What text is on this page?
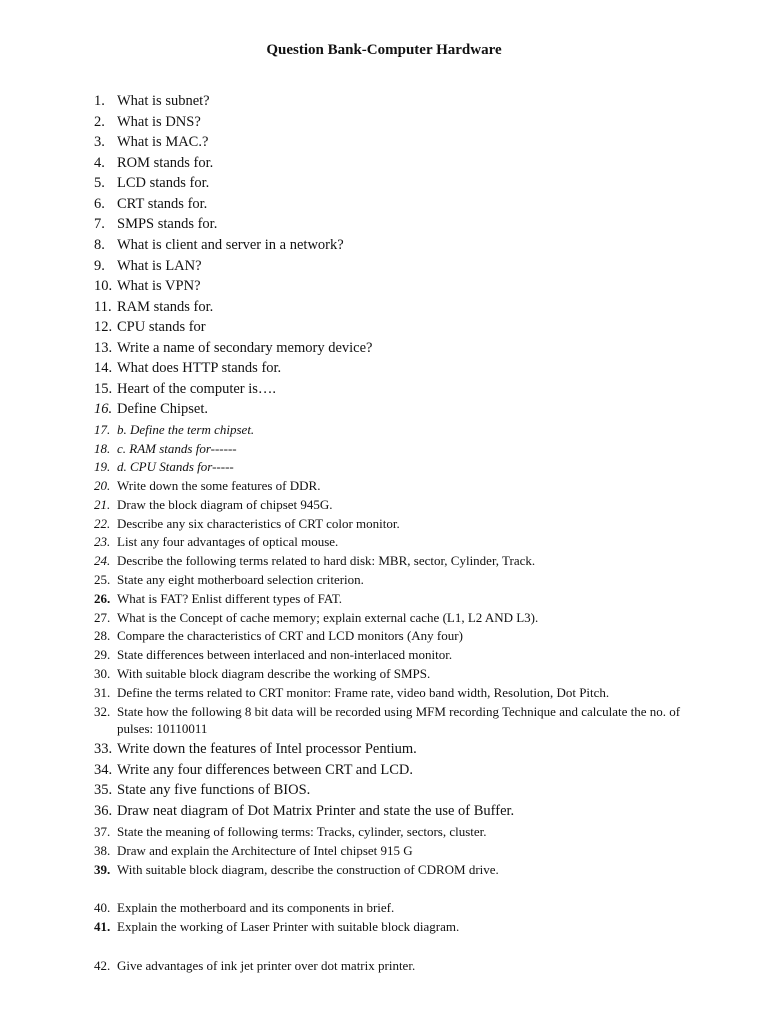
Question Bank-Computer Hardware
1. What is subnet?
2. What is DNS?
3. What is MAC.?
4. ROM stands for.
5. LCD stands for.
6. CRT stands for.
7. SMPS stands for.
8. What is client and server in a network?
9. What is LAN?
10. What is VPN?
11. RAM stands for.
12. CPU stands for
13. Write a name of secondary memory device?
14. What does HTTP stands for.
15. Heart of the computer is….
16. Define Chipset.
17. b. Define the term chipset.
18. c. RAM stands for------
19. d. CPU Stands for-----
20. Write down the some features of DDR.
21. Draw the block diagram of chipset 945G.
22. Describe any six characteristics of CRT color monitor.
23. List any four advantages of optical mouse.
24. Describe the following terms related to hard disk: MBR, sector, Cylinder, Track.
25. State any eight motherboard selection criterion.
26. What is FAT? Enlist different types of FAT.
27. What is the Concept of cache memory; explain external cache (L1, L2 AND L3).
28. Compare the characteristics of CRT and LCD monitors (Any four)
29. State differences between interlaced and non-interlaced monitor.
30. With suitable block diagram describe the working of SMPS.
31. Define the terms related to CRT monitor: Frame rate, video band width, Resolution, Dot Pitch.
32. State how the following 8 bit data will be recorded using MFM recording Technique and calculate the no. of pulses: 10110011
33. Write down the features of Intel processor Pentium.
34. Write any four differences between CRT and LCD.
35. State any five functions of BIOS.
36. Draw neat diagram of Dot Matrix Printer and state the use of Buffer.
37. State the meaning of following terms: Tracks, cylinder, sectors, cluster.
38. Draw and explain the Architecture of Intel chipset 915 G
39. With suitable block diagram, describe the construction of CDROM drive.
40. Explain the motherboard and its components in brief.
41. Explain the working of Laser Printer with suitable block diagram.
42. Give advantages of ink jet printer over dot matrix printer.
